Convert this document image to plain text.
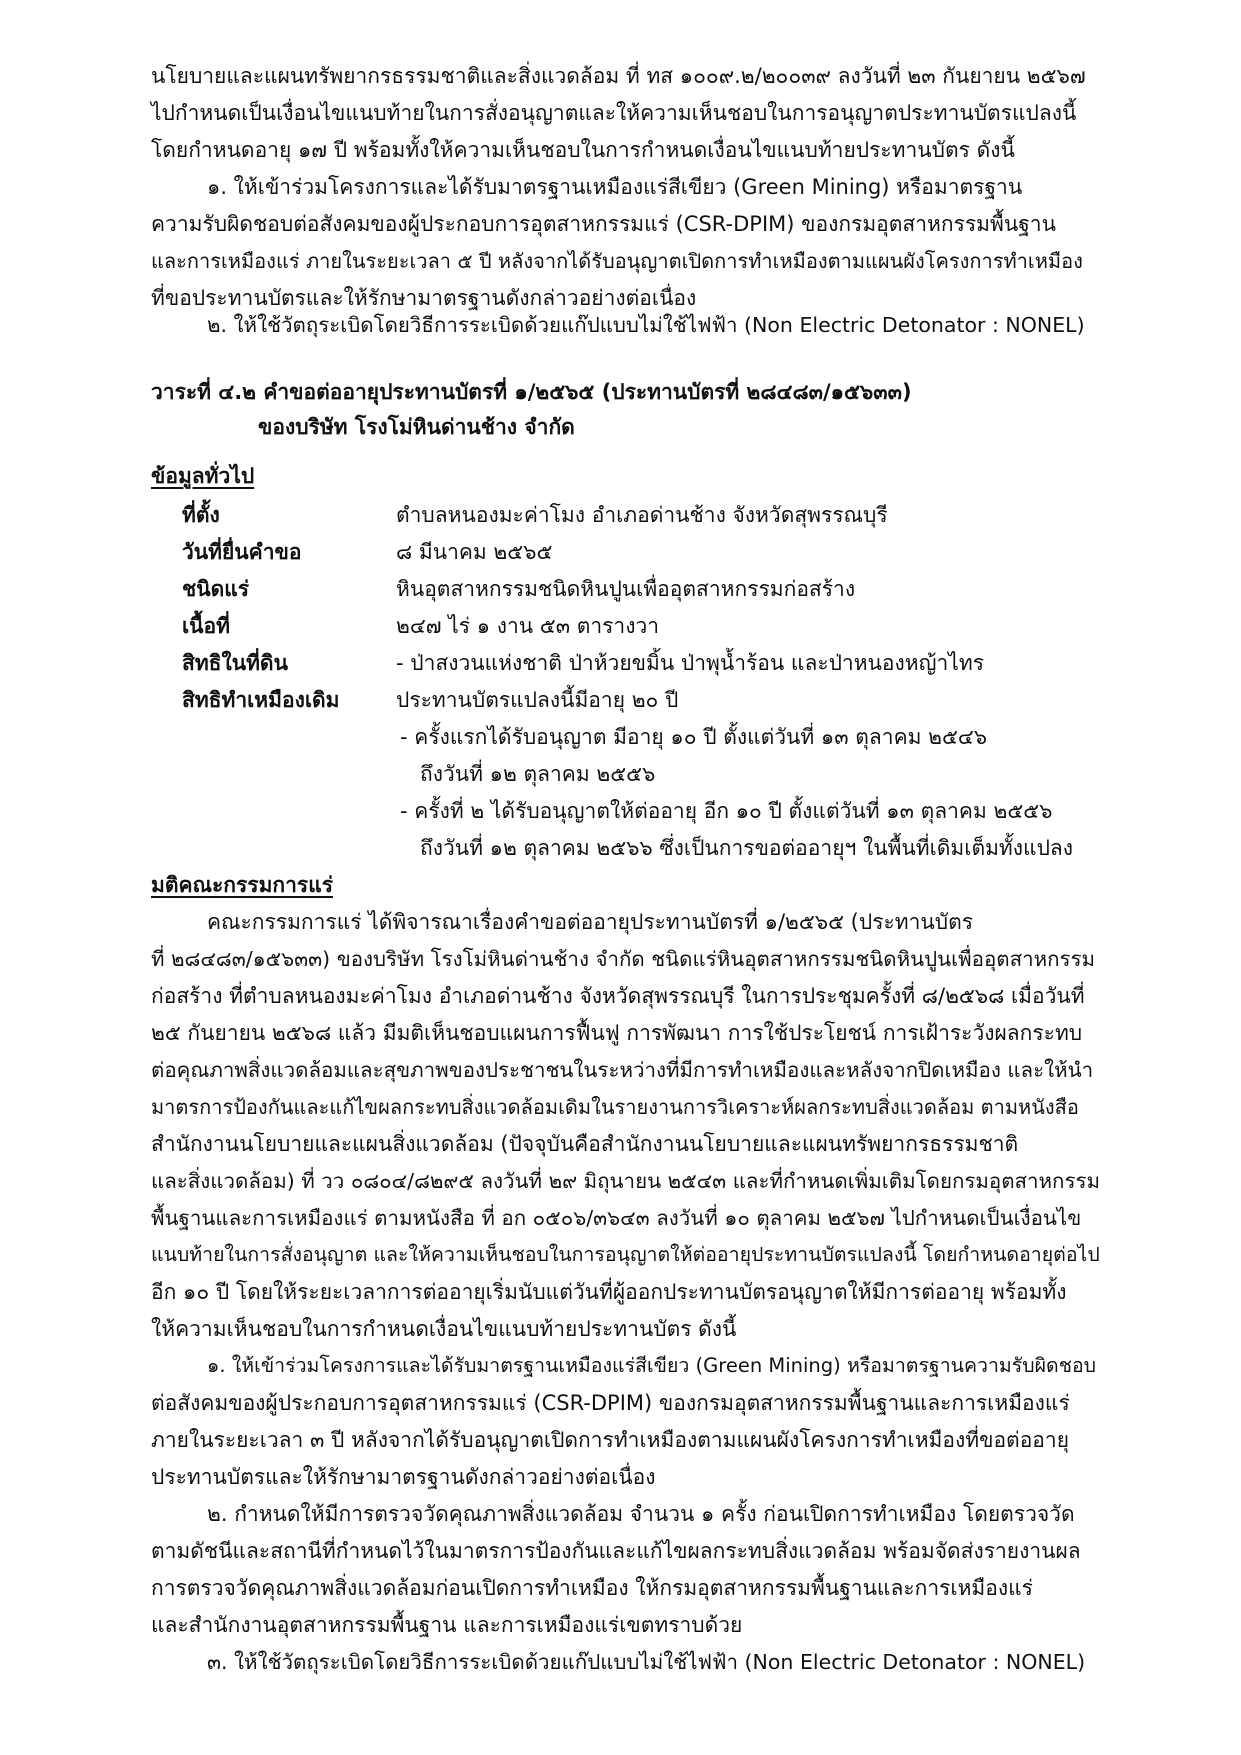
นโยบายและแผนทรัพยากรธรรมชาติและสิ่งแวดล้อม ที่ ทส ๑๐๐๙.๒/๒๐๐๓๙ ลงวันที่ ๒๓ กันยายน ๒๕๖๗
ไปกำหนดเป็นเงื่อนไขแนบท้ายในการสั่งอนุญาตและให้ความเห็นชอบในการอนุญาตประทานบัตรแปลงนี้
โดยกำหนดอายุ ๑๗ ปี พร้อมทั้งให้ความเห็นชอบในการกำหนดเงื่อนไขแนบท้ายประทานบัตร ดังนี้
๑. ให้เข้าร่วมโครงการและได้รับมาตรฐานเหมืองแร่สีเขียว (Green Mining) หรือมาตรฐาน
ความรับผิดชอบต่อสังคมของผู้ประกอบการอุตสาหกรรมแร่ (CSR-DPIM) ของกรมอุตสาหกรรมพื้นฐาน
และการเหมืองแร่ ภายในระยะเวลา ๕ ปี หลังจากได้รับอนุญาตเปิดการทำเหมืองตามแผนผังโครงการทำเหมือง
ที่ขอประทานบัตรและให้รักษามาตรฐานดังกล่าวอย่างต่อเนื่อง
๒. ให้ใช้วัตถุระเบิดโดยวิธีการระเบิดด้วยแก๊ปแบบไม่ใช้ไฟฟ้า (Non Electric Detonator : NONEL)
วาระที่ ๔.๒ คำขอต่ออายุประทานบัตรที่ ๑/๒๕๖๕ (ประทานบัตรที่ ๒๘๔๘๓/๑๕๖๓๓)
ของบริษัท โรงโม่หินด่านช้าง จำกัด
ข้อมูลทั่วไป
ที่ตั้ง	ตำบลหนองมะค่าโมง อำเภอด่านช้าง จังหวัดสุพรรณบุรี
วันที่ยื่นคำขอ	๘ มีนาคม ๒๕๖๕
ชนิดแร่	หินอุตสาหกรรมชนิดหินปูนเพื่ออุตสาหกรรมก่อสร้าง
เนื้อที่	๒๔๗ ไร่ ๑ งาน ๕๓ ตารางวา
สิทธิในที่ดิน	- ป่าสงวนแห่งชาติ ป่าห้วยขมิ้น ป่าพุน้ำร้อน และป่าหนองหญ้าไทร
สิทธิทำเหมืองเดิม	ประทานบัตรแปลงนี้มีอายุ ๒๐ ปี
- ครั้งแรกได้รับอนุญาต มีอายุ ๑๐ ปี ตั้งแต่วันที่ ๑๓ ตุลาคม ๒๕๔๖
ถึงวันที่ ๑๒ ตุลาคม ๒๕๕๖
- ครั้งที่ ๒ ได้รับอนุญาตให้ต่ออายุ อีก ๑๐ ปี ตั้งแต่วันที่ ๑๓ ตุลาคม ๒๕๕๖
ถึงวันที่ ๑๒ ตุลาคม ๒๕๖๖ ซึ่งเป็นการขอต่ออายุฯ ในพื้นที่เดิมเต็มทั้งแปลง
มติคณะกรรมการแร่
คณะกรรมการแร่ ได้พิจารณาเรื่องคำขอต่ออายุประทานบัตรที่ ๑/๒๕๖๕ (ประทานบัตร
ที่ ๒๘๔๘๓/๑๕๖๓๓) ของบริษัท โรงโม่หินด่านช้าง จำกัด ชนิดแร่หินอุตสาหกรรมชนิดหินปูนเพื่ออุตสาหกรรม
ก่อสร้าง ที่ตำบลหนองมะค่าโมง อำเภอด่านช้าง จังหวัดสุพรรณบุรี ในการประชุมครั้งที่ ๘/๒๕๖๘ เมื่อวันที่
๒๕ กันยายน ๒๕๖๘ แล้ว มีมติเห็นชอบแผนการฟื้นฟู การพัฒนา การใช้ประโยชน์ การเฝ้าระวังผลกระทบ
ต่อคุณภาพสิ่งแวดล้อมและสุขภาพของประชาชนในระหว่างที่มีการทำเหมืองและหลังจากปิดเหมือง และให้นำ
มาตรการป้องกันและแก้ไขผลกระทบสิ่งแวดล้อมเดิมในรายงานการวิเคราะห์ผลกระทบสิ่งแวดล้อม ตามหนังสือ
สำนักงานนโยบายและแผนสิ่งแวดล้อม (ปัจจุบันคือสำนักงานนโยบายและแผนทรัพยากรธรรมชาติ
และสิ่งแวดล้อม) ที่ วว ๐๘๐๔/๘๒๙๕ ลงวันที่ ๒๙ มิถุนายน ๒๕๔๓ และที่กำหนดเพิ่มเติมโดยกรมอุตสาหกรรม
พื้นฐานและการเหมืองแร่ ตามหนังสือ ที่ อก ๐๕๐๖/๓๖๔๓ ลงวันที่ ๑๐ ตุลาคม ๒๕๖๗ ไปกำหนดเป็นเงื่อนไข
แนบท้ายในการสั่งอนุญาต และให้ความเห็นชอบในการอนุญาตให้ต่ออายุประทานบัตรแปลงนี้ โดยกำหนดอายุต่อไป
อีก ๑๐ ปี โดยให้ระยะเวลาการต่ออายุเริ่มนับแต่วันที่ผู้ออกประทานบัตรอนุญาตให้มีการต่ออายุ พร้อมทั้ง
ให้ความเห็นชอบในการกำหนดเงื่อนไขแนบท้ายประทานบัตร ดังนี้
๑. ให้เข้าร่วมโครงการและได้รับมาตรฐานเหมืองแร่สีเขียว (Green Mining) หรือมาตรฐานความรับผิดชอบ
ต่อสังคมของผู้ประกอบการอุตสาหกรรมแร่ (CSR-DPIM) ของกรมอุตสาหกรรมพื้นฐานและการเหมืองแร่
ภายในระยะเวลา ๓ ปี หลังจากได้รับอนุญาตเปิดการทำเหมืองตามแผนผังโครงการทำเหมืองที่ขอต่ออายุ
ประทานบัตรและให้รักษามาตรฐานดังกล่าวอย่างต่อเนื่อง
๒. กำหนดให้มีการตรวจวัดคุณภาพสิ่งแวดล้อม จำนวน ๑ ครั้ง ก่อนเปิดการทำเหมือง โดยตรวจวัด
ตามดัชนีและสถานีที่กำหนดไว้ในมาตรการป้องกันและแก้ไขผลกระทบสิ่งแวดล้อม พร้อมจัดส่งรายงานผล
การตรวจวัดคุณภาพสิ่งแวดล้อมก่อนเปิดการทำเหมือง ให้กรมอุตสาหกรรมพื้นฐานและการเหมืองแร่
และสำนักงานอุตสาหกรรมพื้นฐาน และการเหมืองแร่เขตทราบด้วย
๓. ให้ใช้วัตถุระเบิดโดยวิธีการระเบิดด้วยแก๊ปแบบไม่ใช้ไฟฟ้า (Non Electric Detonator : NONEL)
